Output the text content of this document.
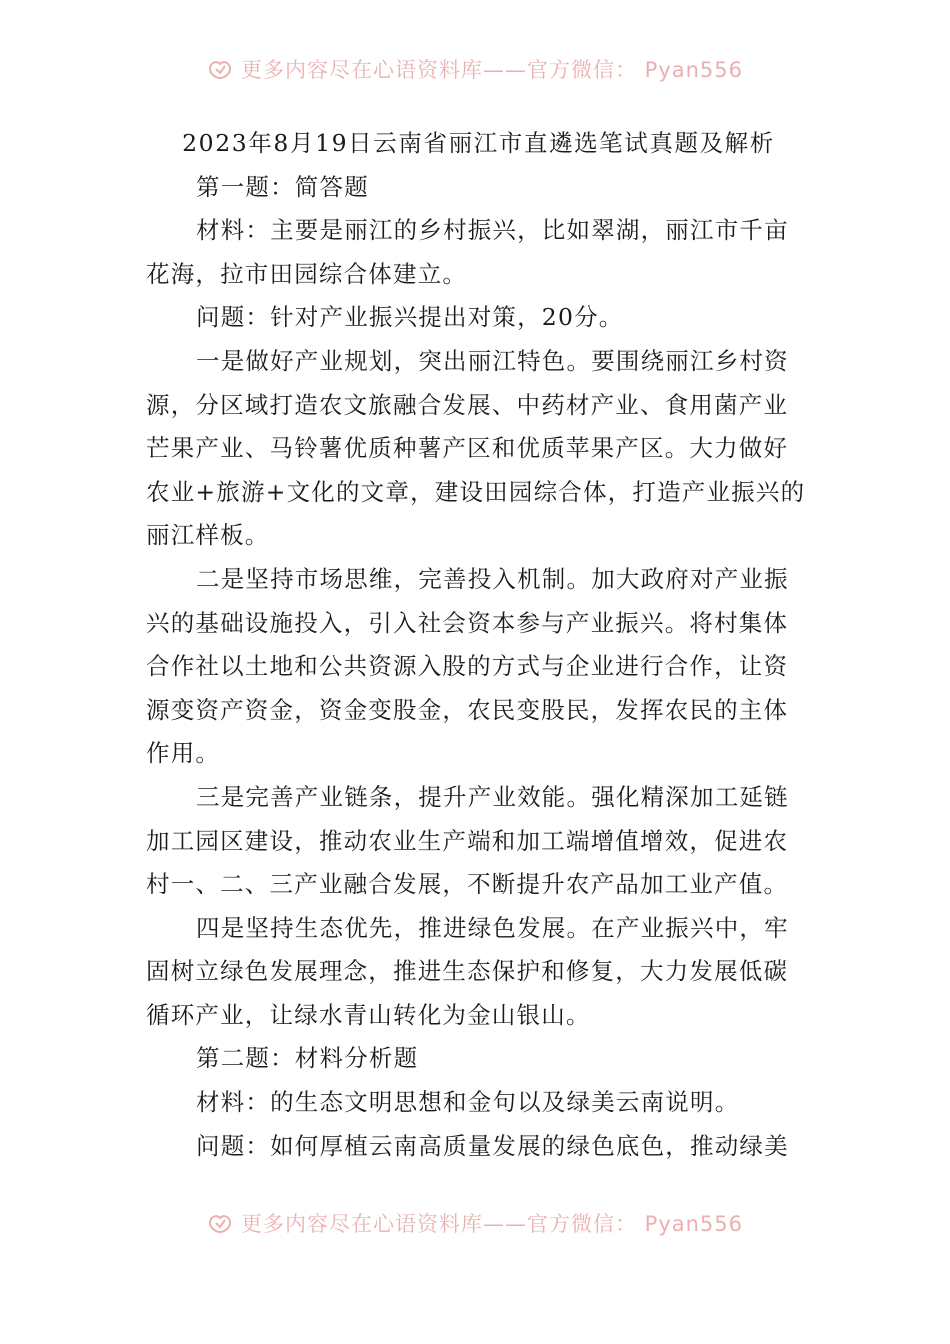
更多内容尽在心语资料库——官方微信： Pyan556
2023年8月19日云南省丽江市直遴选笔试真题及解析
第一题：简答题
材料：主要是丽江的乡村振兴，比如翠湖，丽江市千亩
花海，拉市田园综合体建立。
问题：针对产业振兴提出对策，20分。
一是做好产业规划，突出丽江特色。要围绕丽江乡村资
源，分区域打造农文旅融合发展、中药材产业、食用菌产业
芒果产业、马铃薯优质种薯产区和优质苹果产区。大力做好
农业+旅游+文化的文章，建设田园综合体，打造产业振兴的
丽江样板。
二是坚持市场思维，完善投入机制。加大政府对产业振
兴的基础设施投入，引入社会资本参与产业振兴。将村集体
合作社以土地和公共资源入股的方式与企业进行合作，让资
源变资产资金，资金变股金，农民变股民，发挥农民的主体
作用。
三是完善产业链条，提升产业效能。强化精深加工延链
加工园区建设，推动农业生产端和加工端增值增效，促进农
村一、二、三产业融合发展，不断提升农产品加工业产值。
四是坚持生态优先，推进绿色发展。在产业振兴中，牢
固树立绿色发展理念，推进生态保护和修复，大力发展低碳
循环产业，让绿水青山转化为金山银山。
第二题：材料分析题
材料：的生态文明思想和金句以及绿美云南说明。
问题：如何厚植云南高质量发展的绿色底色，推动绿美
更多内容尽在心语资料库——官方微信： Pyan556
